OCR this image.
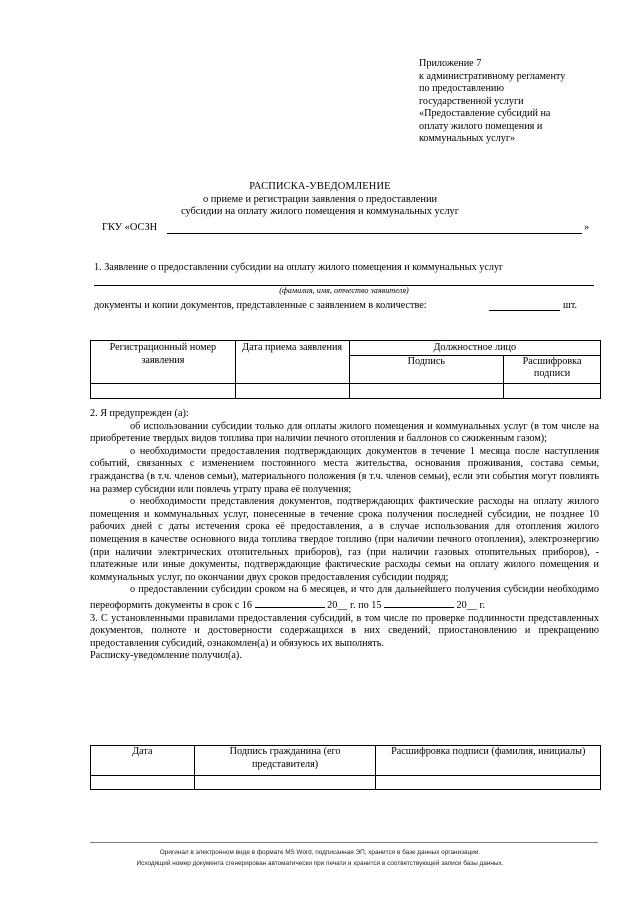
Приложение 7
к административному регламенту
по предоставлению
государственной услуги
«Предоставление субсидий на
оплату жилого помещения и
коммунальных услуг»
РАСПИСКА-УВЕДОМЛЕНИЕ
о приеме и регистрации заявления о предоставлении
субсидии на оплату жилого помещения и коммунальных услуг
ГКУ «ОСЗН	»
1. Заявление о предоставлении субсидии на оплату жилого помещения и коммунальных услуг
(фамилия, имя, отчество заявителя)
документы и копии документов, представленные с заявлением в количестве:	шт.
Регистрационный номер заявления	Дата приема заявления	Должностное лицо	
		Подпись	Расшифровка подписи

2. Я предупрежден (а):

об использовании субсидии только для оплаты жилого помещения и коммунальных услуг (в том числе на приобретение твердых видов топлива при наличии печного отопления и баллонов со сжиженным газом);

о необходимости предоставления подтверждающих документов в течение 1 месяца после наступления событий, связанных с изменением постоянного места жительства, основания проживания, состава семьи, гражданства (в т.ч. членов семьи), материального положения (в т.ч. членов семьи), если эти события могут повлиять на размер субсидии или повлечь утрату права её получения;

о необходимости представления документов, подтверждающих фактические расходы на оплату жилого помещения и коммунальных услуг, понесенные в течение срока получения последней субсидии, не позднее 10 рабочих дней с даты истечения срока её предоставления, а в случае использования для отопления жилого помещения в качестве основного вида топлива твердое топливо (при наличии печного отопления), электроэнергию (при наличии электрических отопительных приборов), газ (при наличии газовых отопительных приборов), - платежные или иные документы, подтверждающие фактические расходы семьи на оплату жилого помещения и коммунальных услуг, по окончании двух сроков предоставления субсидии подряд;

о предоставлении субсидии сроком на 6 месяцев, и что для дальнейшего получения субсидии необходимо переоформить документы в срок с 16	20__ г. по 15	20__ г.

3. С установленными правилами предоставления субсидий, в том числе по проверке подлинности представленных документов, полноте и достоверности содержащихся в них сведений, приостановлению и прекращению предоставления субсидий, ознакомлен(а) и обязуюсь их выполнять.

Расписку-уведомление получил(а).

Дата	Подпись гражданина (его представителя)	Расшифровка подписи (фамилия, инициалы)

Оригинал в электронном виде в формате MS Word, подписанная ЭП, хранится в базе данных организации.
Исходящий номер документа сгенерирован автоматически при печати и хранится в соответствующей записи базы данных.
